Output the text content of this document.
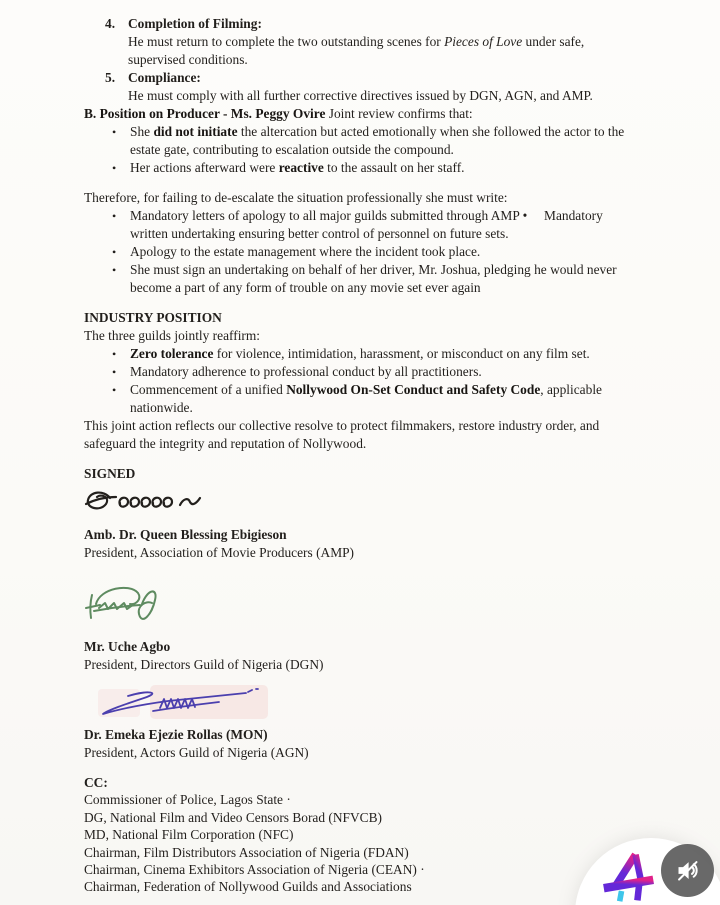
4. Completion of Filming:
He must return to complete the two outstanding scenes for Pieces of Love under safe, supervised conditions.
5. Compliance:
He must comply with all further corrective directives issued by DGN, AGN, and AMP.
B. Position on Producer - Ms. Peggy Ovire Joint review confirms that:
•	She did not initiate the altercation but acted emotionally when she followed the actor to the estate gate, contributing to escalation outside the compound.
•	Her actions afterward were reactive to the assault on her staff.
Therefore, for failing to de-escalate the situation professionally she must write:
•	Mandatory letters of apology to all major guilds submitted through AMP •     Mandatory written undertaking ensuring better control of personnel on future sets.
•	Apology to the estate management where the incident took place.
•	She must sign an undertaking on behalf of her driver, Mr. Joshua, pledging he would never become a part of any form of trouble on any movie set ever again
INDUSTRY POSITION
The three guilds jointly reaffirm:
•	Zero tolerance for violence, intimidation, harassment, or misconduct on any film set.
•	Mandatory adherence to professional conduct by all practitioners.
•	Commencement of a unified Nollywood On-Set Conduct and Safety Code, applicable nationwide.
This joint action reflects our collective resolve to protect filmmakers, restore industry order, and safeguard the integrity and reputation of Nollywood.
SIGNED
Amb. Dr. Queen Blessing Ebigieson
President, Association of Movie Producers (AMP)
Mr. Uche Agbo
President, Directors Guild of Nigeria (DGN)
Dr. Emeka Ejezie Rollas (MON)
President, Actors Guild of Nigeria (AGN)
CC:
Commissioner of Police, Lagos State ·
DG, National Film and Video Censors Borad (NFVCB)
MD, National Film Corporation (NFC)
Chairman, Film Distributors Association of Nigeria (FDAN)
Chairman, Cinema Exhibitors Association of Nigeria (CEAN) ·
Chairman, Federation of Nollywood Guilds and Associations
